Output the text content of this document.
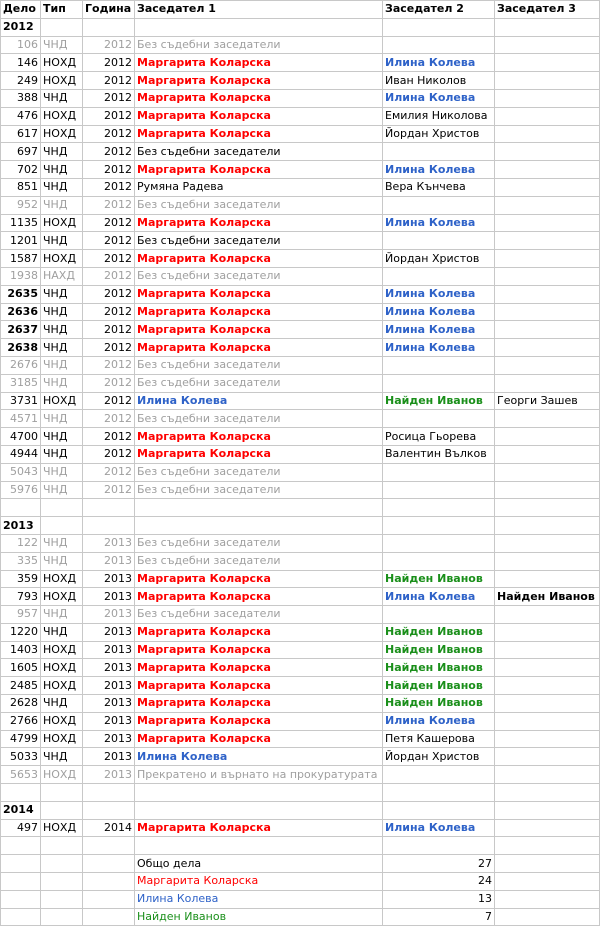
Дело	Тип	Година	Заседател 1	Заседател 2	Заседател 3
2012					
106	ЧНД	2012	Без съдебни заседатели		
146	НОХД	2012	Маргарита Коларска	Илина Колева	
249	НОХД	2012	Маргарита Коларска	Иван Николов	
388	ЧНД	2012	Маргарита Коларска	Илина Колева	
476	НОХД	2012	Маргарита Коларска	Емилия Николова	
617	НОХД	2012	Маргарита Коларска	Йордан Христов	
697	ЧНД	2012	Без съдебни заседатели		
702	ЧНД	2012	Маргарита Коларска	Илина Колева	
851	ЧНД	2012	Румяна Радева	Вера Кънчева	
952	ЧНД	2012	Без съдебни заседатели		
1135	НОХД	2012	Маргарита Коларска	Илина Колева	
1201	ЧНД	2012	Без съдебни заседатели		
1587	НОХД	2012	Маргарита Коларска	Йордан Христов	
1938	НАХД	2012	Без съдебни заседатели		
2635	ЧНД	2012	Маргарита Коларска	Илина Колева	
2636	ЧНД	2012	Маргарита Коларска	Илина Колева	
2637	ЧНД	2012	Маргарита Коларска	Илина Колева	
2638	ЧНД	2012	Маргарита Коларска	Илина Колева	
2676	ЧНД	2012	Без съдебни заседатели		
3185	ЧНД	2012	Без съдебни заседатели		
3731	НОХД	2012	Илина Колева	Найден Иванов	Георги Зашев
4571	ЧНД	2012	Без съдебни заседатели		
4700	ЧНД	2012	Маргарита Коларска	Росица Гьорева	
4944	ЧНД	2012	Маргарита Коларска	Валентин Вълков	
5043	ЧНД	2012	Без съдебни заседатели		
5976	ЧНД	2012	Без съдебни заседатели		

2013					
122	ЧНД	2013	Без съдебни заседатели		
335	ЧНД	2013	Без съдебни заседатели		
359	НОХД	2013	Маргарита Коларска	Найден Иванов	
793	НОХД	2013	Маргарита Коларска	Илина Колева	Найден Иванов
957	ЧНД	2013	Без съдебни заседатели		
1220	ЧНД	2013	Маргарита Коларска	Найден Иванов	
1403	НОХД	2013	Маргарита Коларска	Найден Иванов	
1605	НОХД	2013	Маргарита Коларска	Найден Иванов	
2485	НОХД	2013	Маргарита Коларска	Найден Иванов	
2628	ЧНД	2013	Маргарита Коларска	Найден Иванов	
2766	НОХД	2013	Маргарита Коларска	Илина Колева	
4799	НОХД	2013	Маргарита Коларска	Петя Кашерова	
5033	ЧНД	2013	Илина Колева	Йордан Христов	
5653	НОХД	2013	Прекратено и върнато на прокуратурата		

2014					
497	НОХД	2014	Маргарита Коларска	Илина Колева	

			Общо дела	27	
			Маргарита Коларска	24	
			Илина Колева	13	
			Найден Иванов	7	
